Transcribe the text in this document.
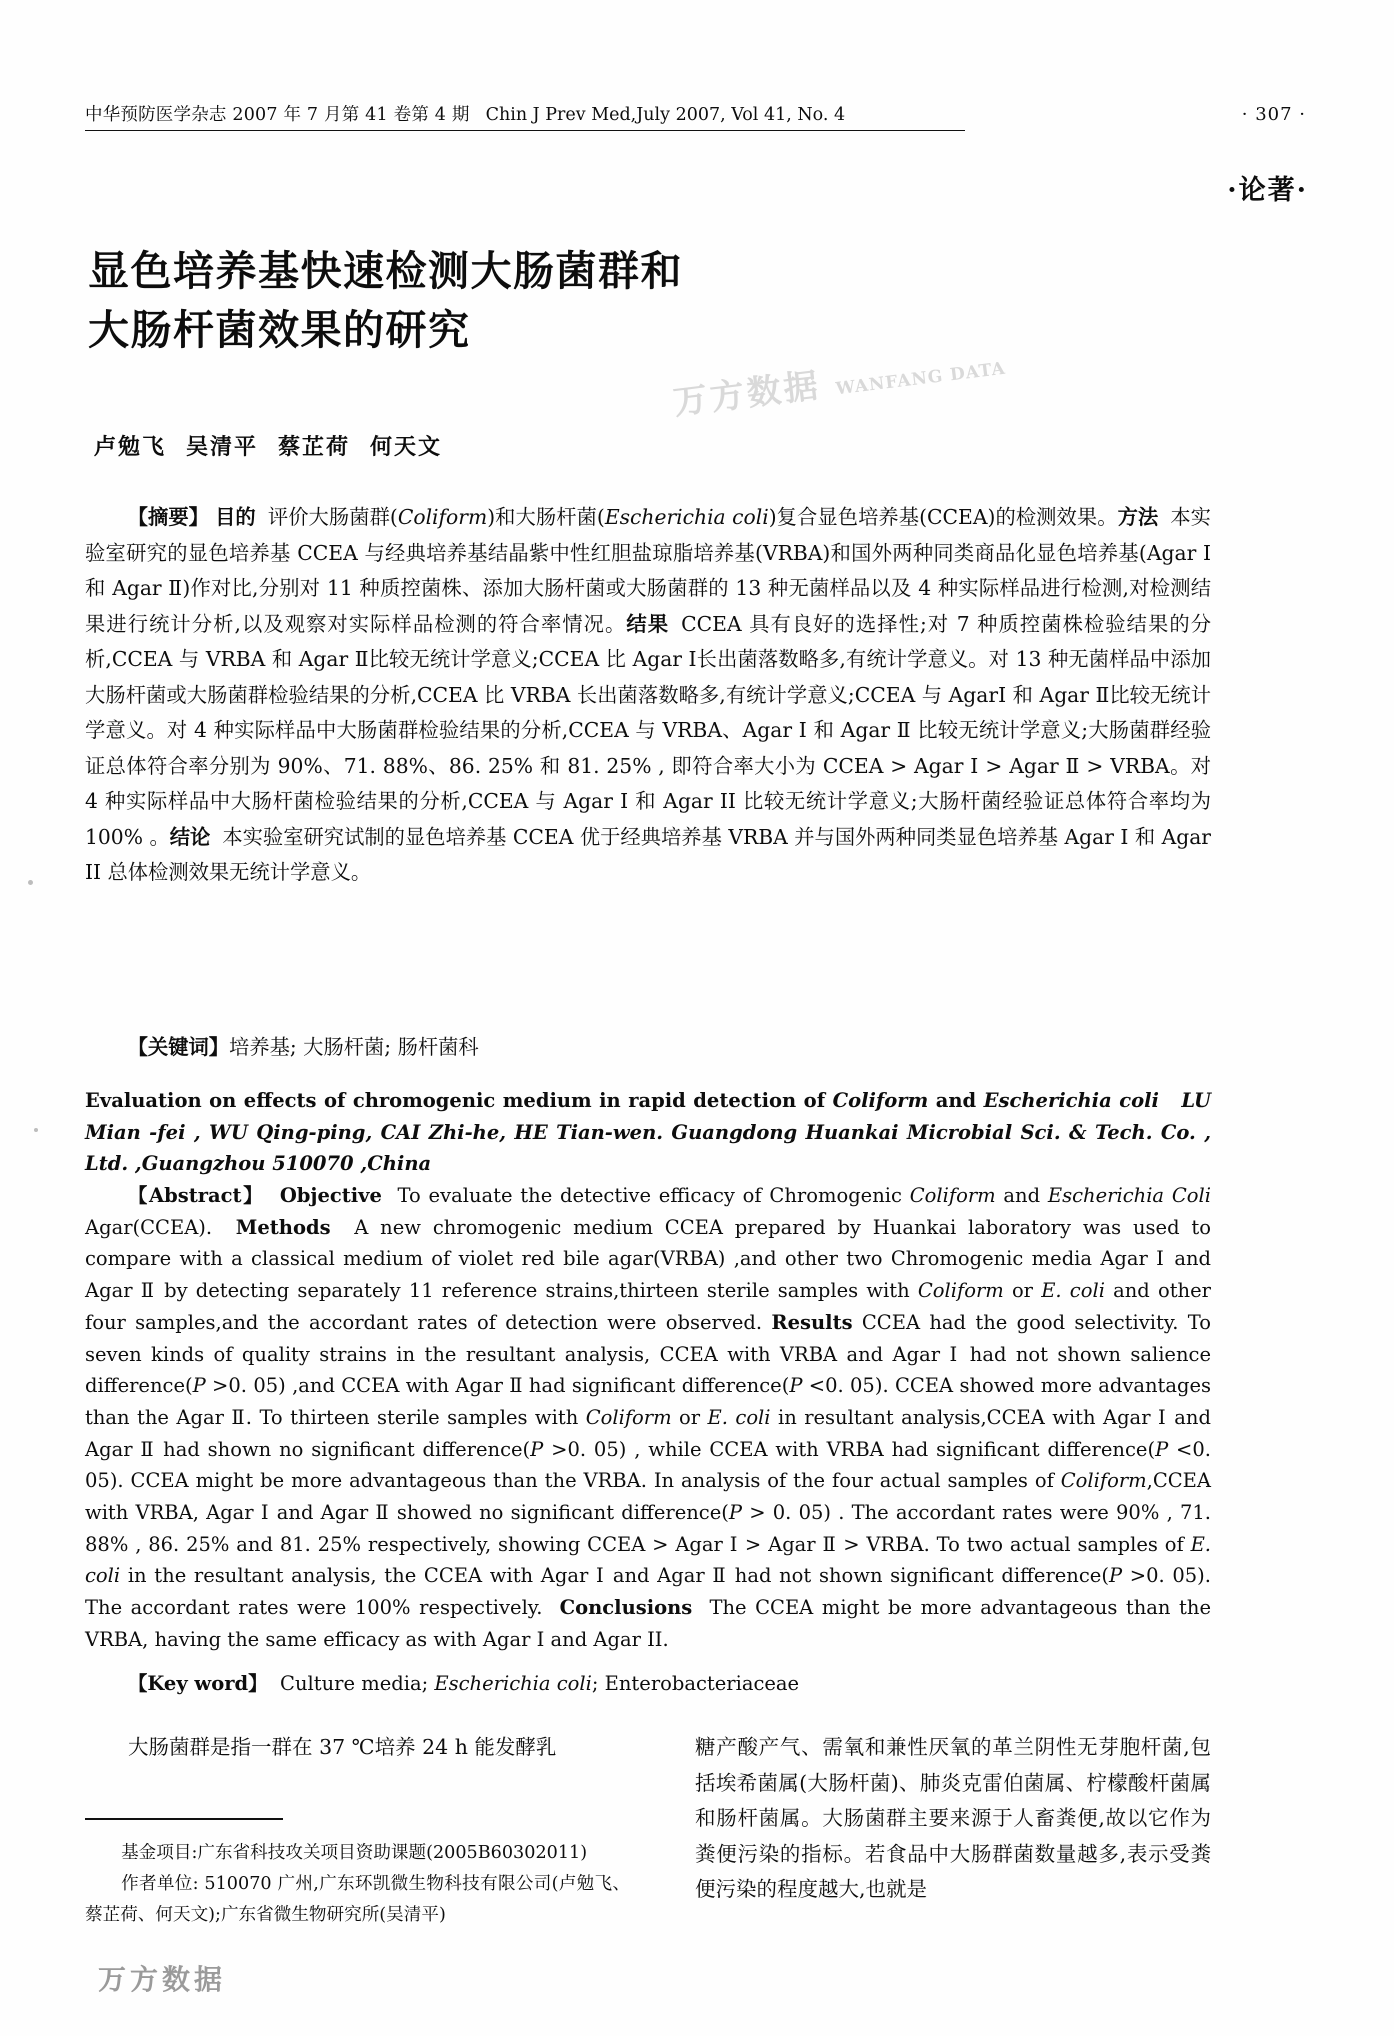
万方数据 WANFANG DATA
中华预防医学杂志 2007 年 7 月第 41 卷第 4 期 Chin J Prev Med,July 2007, Vol 41, No. 4	· 307 ·
·论著·
显色培养基快速检测大肠菌群和
大肠杆菌效果的研究
卢勉飞 吴清平 蔡芷荷 何天文

【摘要】 目的 评价大肠菌群(Coliform)和大肠杆菌(Escherichia coli)复合显色培养基(CCEA)的检测效果。方法 本实验室研究的显色培养基 CCEA 与经典培养基结晶紫中性红胆盐琼脂培养基(VRBA)和国外两种同类商品化显色培养基(Agar Ⅰ和 Agar Ⅱ)作对比,分别对 11 种质控菌株、添加大肠杆菌或大肠菌群的 13 种无菌样品以及 4 种实际样品进行检测,对检测结果进行统计分析,以及观察对实际样品检测的符合率情况。结果 CCEA 具有良好的选择性;对 7 种质控菌株检验结果的分析,CCEA 与 VRBA 和 Agar Ⅱ比较无统计学意义;CCEA 比 Agar Ⅰ长出菌落数略多,有统计学意义。对 13 种无菌样品中添加大肠杆菌或大肠菌群检验结果的分析,CCEA 比 VRBA 长出菌落数略多,有统计学意义;CCEA 与 AgarⅠ 和 Agar Ⅱ比较无统计学意义。对 4 种实际样品中大肠菌群检验结果的分析,CCEA 与 VRBA、Agar Ⅰ 和 Agar Ⅱ 比较无统计学意义;大肠菌群经验证总体符合率分别为 90%、71. 88%、86. 25% 和 81. 25% , 即符合率大小为 CCEA > Agar Ⅰ > Agar Ⅱ > VRBA。对 4 种实际样品中大肠杆菌检验结果的分析,CCEA 与 Agar I 和 Agar II 比较无统计学意义;大肠杆菌经验证总体符合率均为 100% 。结论 本实验室研究试制的显色培养基 CCEA 优于经典培养基 VRBA 并与国外两种同类显色培养基 Agar I 和 Agar II 总体检测效果无统计学意义。

【关键词】培养基; 大肠杆菌; 肠杆菌科
Evaluation on effects of chromogenic medium in rapid detection of Coliform and Escherichia coli LU Mian -fei , WU Qing-ping, CAI Zhi-he, HE Tian-wen. Guangdong Huankai Microbial Sci. & Tech. Co. , Ltd. ,Guangzhou 510070 ,China

【Abstract】 Objective To evaluate the detective efficacy of Chromogenic Coliform and Escherichia Coli Agar(CCEA). Methods A new chromogenic medium CCEA prepared by Huankai laboratory was used to compare with a classical medium of violet red bile agar(VRBA) ,and other two Chromogenic media Agar Ⅰ and Agar Ⅱ by detecting separately 11 reference strains,thirteen sterile samples with Coliform or E. coli and other four samples,and the accordant rates of detection were observed. Results CCEA had the good selectivity. To seven kinds of quality strains in the resultant analysis, CCEA with VRBA and Agar Ⅰ had not shown salience difference(P >0. 05) ,and CCEA with Agar Ⅱ had significant difference(P <0. 05). CCEA showed more advantages than the Agar Ⅱ. To thirteen sterile samples with Coliform or E. coli in resultant analysis,CCEA with Agar Ⅰ and Agar Ⅱ had shown no significant difference(P >0. 05) , while CCEA with VRBA had significant difference(P <0. 05). CCEA might be more advantageous than the VRBA. In analysis of the four actual samples of Coliform,CCEA with VRBA, Agar Ⅰ and Agar Ⅱ showed no significant difference(P > 0. 05) . The accordant rates were 90% , 71. 88% , 86. 25% and 81. 25% respectively, showing CCEA > Agar Ⅰ > Agar Ⅱ > VRBA. To two actual samples of E. coli in the resultant analysis, the CCEA with Agar Ⅰ and Agar Ⅱ had not shown significant difference(P >0. 05). The accordant rates were 100% respectively. Conclusions The CCEA might be more advantageous than the VRBA, having the same efficacy as with Agar I and Agar II.

【Key word】 Culture media; Escherichia coli; Enterobacteriaceae

大肠菌群是指一群在 37 ℃培养 24 h 能发酵乳	糖产酸产气、需氧和兼性厌氧的革兰阴性无芽胞杆菌,包括埃希菌属(大肠杆菌)、肺炎克雷伯菌属、柠檬酸杆菌属和肠杆菌属。大肠菌群主要来源于人畜粪便,故以它作为粪便污染的指标。若食品中大肠群菌数量越多,表示受粪便污染的程度越大,也就是

基金项目:广东省科技攻关项目资助课题(2005B60302011)

作者单位: 510070 广州,广东环凯微生物科技有限公司(卢勉飞、蔡芷荷、何天文);广东省微生物研究所(吴清平)

万方数据
